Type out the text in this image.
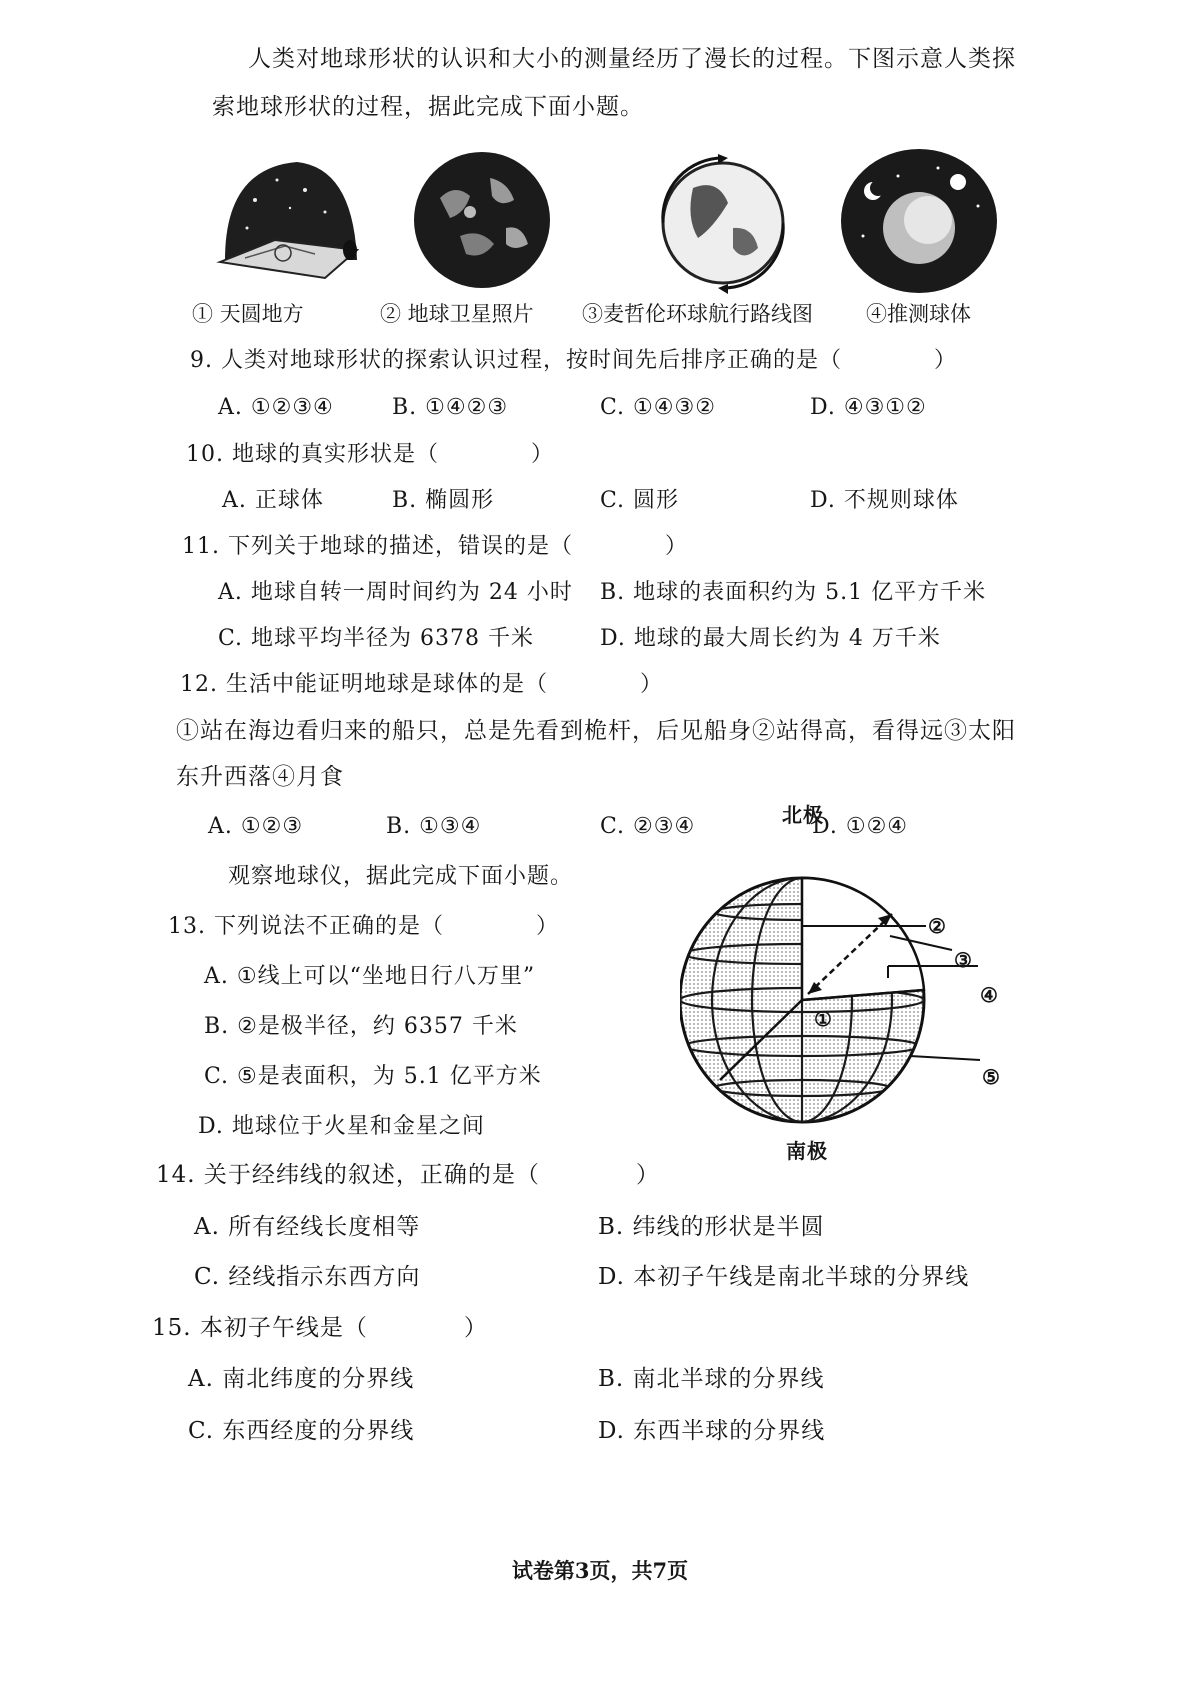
人类对地球形状的认识和大小的测量经历了漫长的过程。下图示意人类探
索地球形状的过程，据此完成下面小题。
① 天圆地方	② 地球卫星照片 ③麦哲伦环球航行路线图	④推测球体
9. 人类对地球形状的探索认识过程，按时间先后排序正确的是（　　　　）
A. ①②③④	B. ①④②③	C. ①④③②	D. ④③①②
10. 地球的真实形状是（　　　　）
A. 正球体	B. 椭圆形	C. 圆形	D. 不规则球体
11. 下列关于地球的描述，错误的是（　　　　）
A. 地球自转一周时间约为 24 小时 B. 地球的表面积约为 5.1 亿平方千米
C. 地球平均半径为 6378 千米	D. 地球的最大周长约为 4 万千米
12. 生活中能证明地球是球体的是（　　　　）
①站在海边看归来的船只，总是先看到桅杆，后见船身②站得高，看得远③太阳
东升西落④月食
A. ①②③	B. ①③④	C. ②③④	D. ①②④
观察地球仪，据此完成下面小题。
13. 下列说法不正确的是（　　　　）
A. ①线上可以“坐地日行八万里”
B. ②是极半径，约 6357 千米
C. ⑤是表面积，为 5.1 亿平方米
D. 地球位于火星和金星之间
北极
南极
①
②
③
④
⑤
14. 关于经纬线的叙述，正确的是（　　　　）
A. 所有经线长度相等	B. 纬线的形状是半圆
C. 经线指示东西方向	D. 本初子午线是南北半球的分界线
15. 本初子午线是（　　　　）
A. 南北纬度的分界线	B. 南北半球的分界线
C. 东西经度的分界线	D. 东西半球的分界线
试卷第3页，共7页
